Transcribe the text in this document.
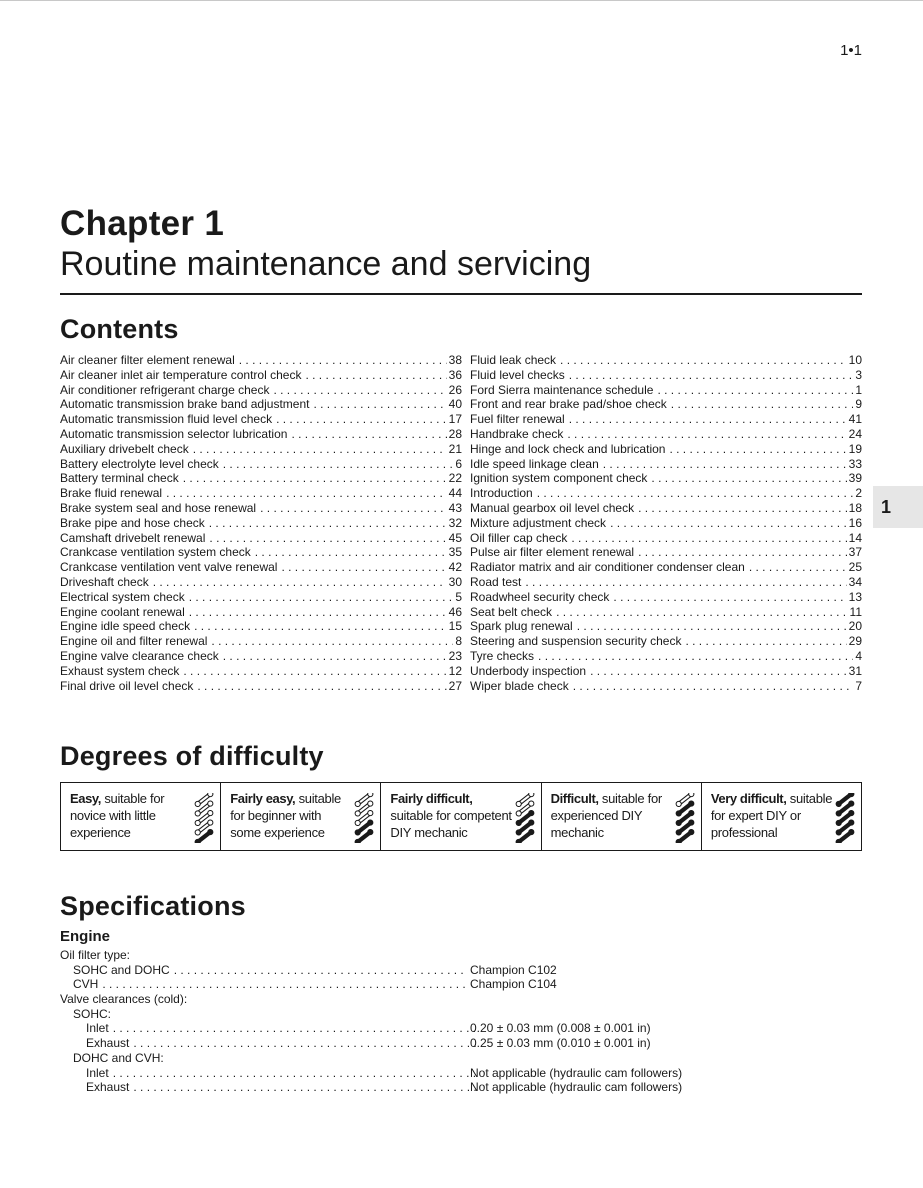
1•1
1
Chapter 1
Routine maintenance and servicing
Contents
Air cleaner filter element renewal . . .	38
Air cleaner inlet air temperature control check . . .	36
Air conditioner refrigerant charge check . . .	26
Automatic transmission brake band adjustment . . .	40
Automatic transmission fluid level check . . .	17
Automatic transmission selector lubrication . . .	28
Auxiliary drivebelt check . . .	21
Battery electrolyte level check . . .	6
Battery terminal check . . .	22
Brake fluid renewal . . .	44
Brake system seal and hose renewal . . .	43
Brake pipe and hose check . . .	32
Camshaft drivebelt renewal . . .	45
Crankcase ventilation system check . . .	35
Crankcase ventilation vent valve renewal . . .	42
Driveshaft check . . .	30
Electrical system check . . .	5
Engine coolant renewal . . .	46
Engine idle speed check . . .	15
Engine oil and filter renewal . . .	8
Engine valve clearance check . . .	23
Exhaust system check . . .	12
Final drive oil level check . . .	27
Fluid leak check . . .	10
Fluid level checks . . .	3
Ford Sierra maintenance schedule . . .	1
Front and rear brake pad/shoe check . . .	9
Fuel filter renewal . . .	41
Handbrake check . . .	24
Hinge and lock check and lubrication . . .	19
Idle speed linkage clean . . .	33
Ignition system component check . . .	39
Introduction . . .	2
Manual gearbox oil level check . . .	18
Mixture adjustment check . . .	16
Oil filler cap check . . .	14
Pulse air filter element renewal . . .	37
Radiator matrix and air conditioner condenser clean . . .	25
Road test . . .	34
Roadwheel security check . . .	13
Seat belt check . . .	11
Spark plug renewal . . .	20
Steering and suspension security check . . .	29
Tyre checks . . .	4
Underbody inspection . . .	31
Wiper blade check . . .	7
Degrees of difficulty
Easy, suitable for novice with little experience
Fairly easy, suitable for beginner with some experience
Fairly difficult, suitable for competent DIY mechanic
Difficult, suitable for experienced DIY mechanic
Very difficult, suitable for expert DIY or professional
Specifications
Engine
Oil filter type:
SOHC and DOHC . . .	Champion C102
CVH . . .	Champion C104
Valve clearances (cold):
SOHC:
Inlet . . .	0.20 ± 0.03 mm (0.008 ± 0.001 in)
Exhaust . . .	0.25 ± 0.03 mm (0.010 ± 0.001 in)
DOHC and CVH:
Inlet . . .	Not applicable (hydraulic cam followers)
Exhaust . . .	Not applicable (hydraulic cam followers)
